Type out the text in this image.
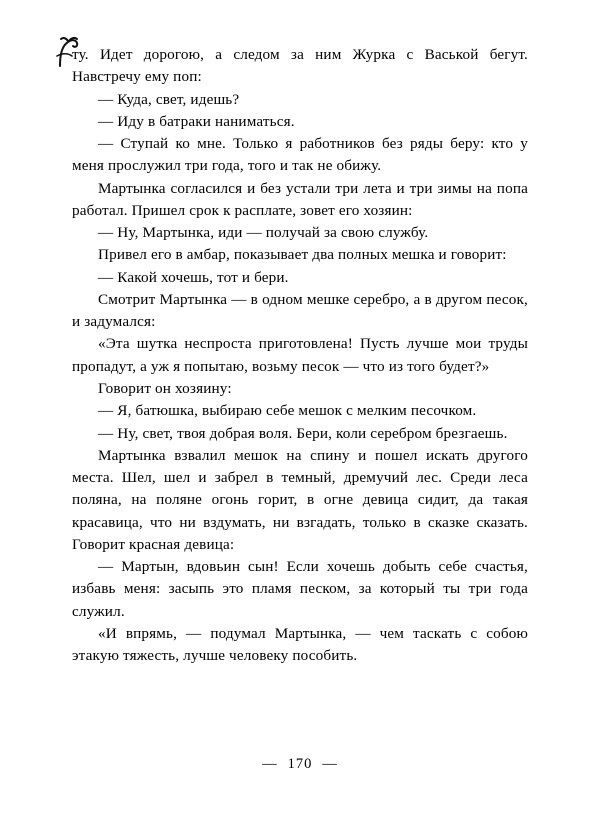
ту. Идет дорогою, а следом за ним Журка с Васькой бегут. Навстречу ему поп:

— Куда, свет, идешь?

— Иду в батраки наниматься.

— Ступай ко мне. Только я работников без ряды беру: кто у меня прослужил три года, того и так не обижу.

Мартынка согласился и без устали три лета и три зимы на попа работал. Пришел срок к расплате, зовет его хозяин:

— Ну, Мартынка, иди — получай за свою службу.

Привел его в амбар, показывает два полных мешка и говорит:

— Какой хочешь, тот и бери.

Смотрит Мартынка — в одном мешке серебро, а в другом песок, и задумался:

«Эта шутка неспроста приготовлена! Пусть лучше мои труды пропадут, а уж я попытаю, возьму песок — что из того будет?»

Говорит он хозяину:

— Я, батюшка, выбираю себе мешок с мелким песочком.

— Ну, свет, твоя добрая воля. Бери, коли серебром брезгаешь.

Мартынка взвалил мешок на спину и пошел искать другого места. Шел, шел и забрел в темный, дремучий лес. Среди леса поляна, на поляне огонь горит, в огне девица сидит, да такая красавица, что ни вздумать, ни взгадать, только в сказке сказать. Говорит красная девица:

— Мартын, вдовьин сын! Если хочешь добыть себе счастья, избавь меня: засыпь это пламя песком, за который ты три года служил.

«И впрямь, — подумал Мартынка, — чем таскать с собою этакую тяжесть, лучше человеку пособить.

— 170 —
